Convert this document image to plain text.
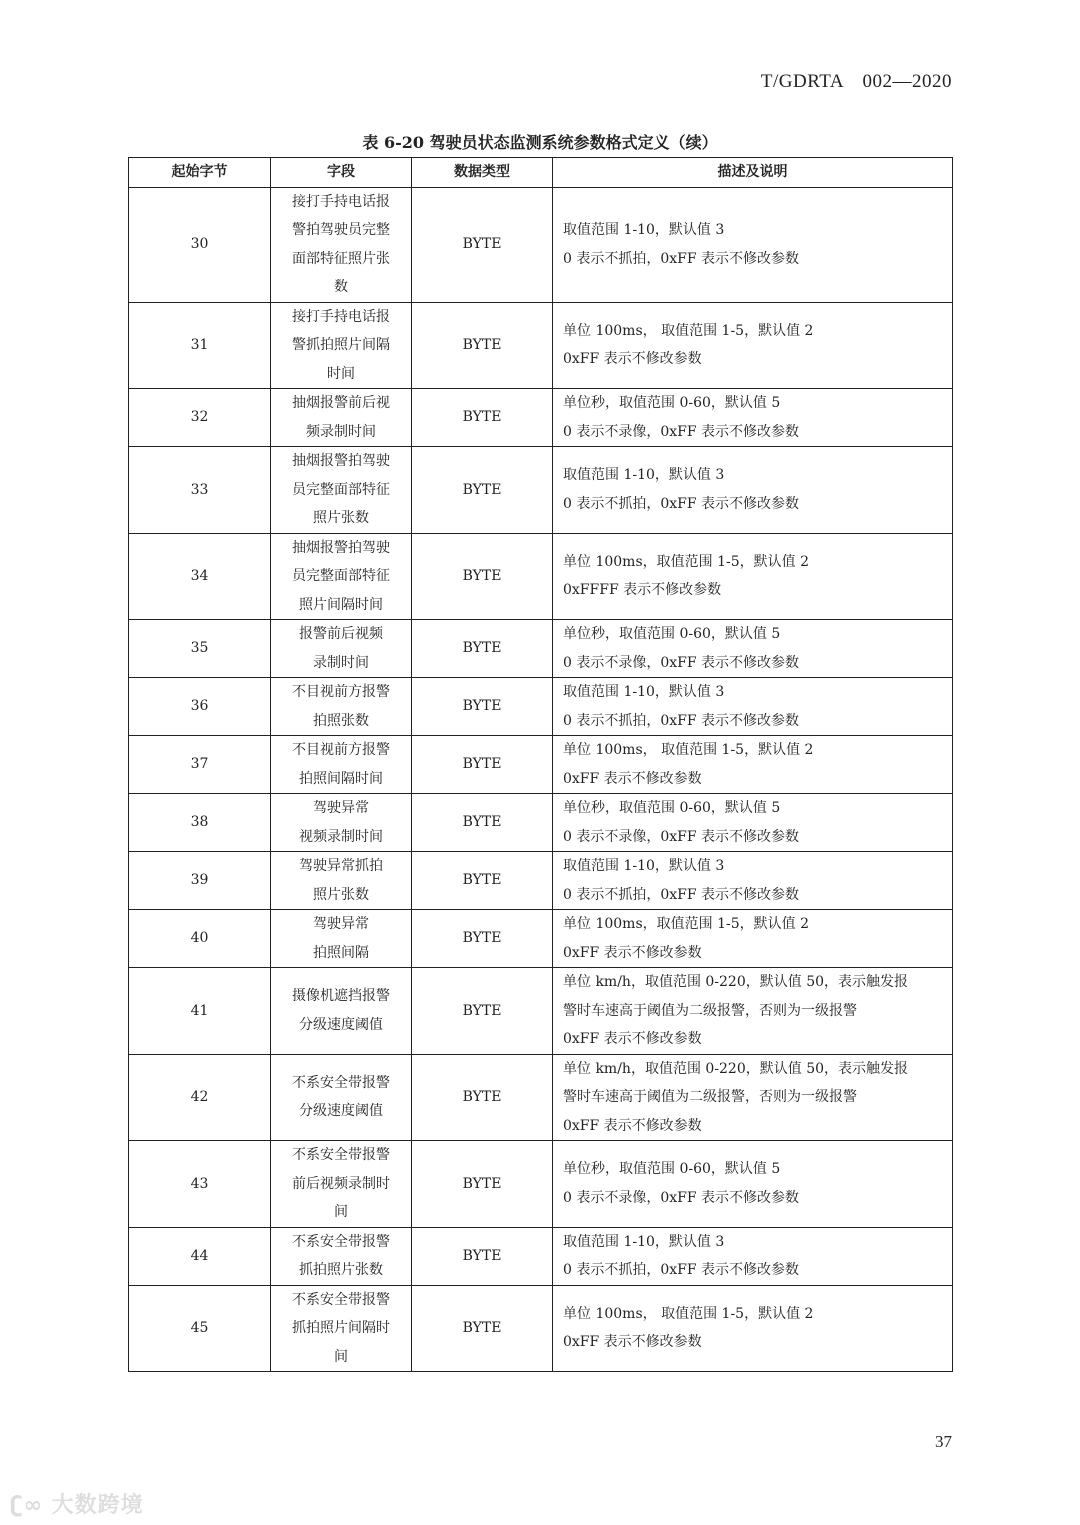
T/GDRTA　002—2020
表 6-20 驾驶员状态监测系统参数格式定义（续）
起始字节	字段	数据类型	描述及说明
30	接打手持电话报
警拍驾驶员完整
面部特征照片张
数	BYTE	取值范围 1-10，默认值 3
0 表示不抓拍，0xFF 表示不修改参数

31	接打手持电话报
警抓拍照片间隔
时间	BYTE	单位 100ms， 取值范围 1-5，默认值 2
0xFF 表示不修改参数

32	抽烟报警前后视
频录制时间	BYTE	单位秒，取值范围 0-60，默认值 5
0 表示不录像，0xFF 表示不修改参数

33	抽烟报警拍驾驶
员完整面部特征
照片张数	BYTE	取值范围 1-10，默认值 3
0 表示不抓拍，0xFF 表示不修改参数

34	抽烟报警拍驾驶
员完整面部特征
照片间隔时间	BYTE	单位 100ms，取值范围 1-5，默认值 2
0xFFFF 表示不修改参数

35	报警前后视频
录制时间	BYTE	单位秒，取值范围 0-60，默认值 5
0 表示不录像，0xFF 表示不修改参数

36	不目视前方报警
拍照张数	BYTE	取值范围 1-10，默认值 3
0 表示不抓拍，0xFF 表示不修改参数

37	不目视前方报警
拍照间隔时间	BYTE	单位 100ms， 取值范围 1-5，默认值 2
0xFF 表示不修改参数

38	驾驶异常
视频录制时间	BYTE	单位秒，取值范围 0-60，默认值 5
0 表示不录像，0xFF 表示不修改参数

39	驾驶异常抓拍
照片张数	BYTE	取值范围 1-10，默认值 3
0 表示不抓拍，0xFF 表示不修改参数

40	驾驶异常
拍照间隔	BYTE	单位 100ms，取值范围 1-5，默认值 2
0xFF 表示不修改参数

41	摄像机遮挡报警
分级速度阈值	BYTE	单位 km/h，取值范围 0-220，默认值 50，表示触发报
警时车速高于阈值为二级报警，否则为一级报警
0xFF 表示不修改参数

42	不系安全带报警
分级速度阈值	BYTE	单位 km/h，取值范围 0-220，默认值 50，表示触发报
警时车速高于阈值为二级报警，否则为一级报警
0xFF 表示不修改参数

43	不系安全带报警
前后视频录制时
间	BYTE	单位秒，取值范围 0-60，默认值 5
0 表示不录像，0xFF 表示不修改参数

44	不系安全带报警
抓拍照片张数	BYTE	取值范围 1-10，默认值 3
0 表示不抓拍，0xFF 表示不修改参数

45	不系安全带报警
抓拍照片间隔时
间	BYTE	单位 100ms， 取值范围 1-5，默认值 2
0xFF 表示不修改参数
37
ʗ∞ 大数跨境
